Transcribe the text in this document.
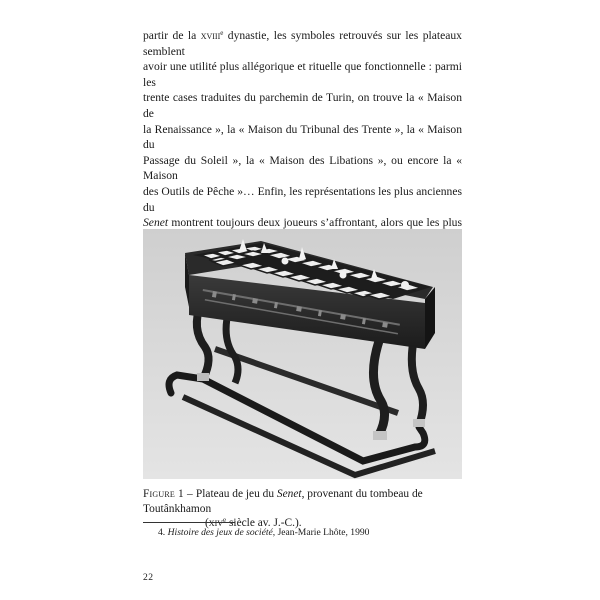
partir de la xviii$^e$ dynastie, les symboles retrouvés sur les plateaux semblent
avoir une utilité plus allégorique et rituelle que fonctionnelle : parmi les
trente cases traduites du parchemin de Turin, on trouve la « Maison de
la Renaissance », la « Maison du Tribunal des Trente », la « Maison du
Passage du Soleil », la « Maison des Libations », ou encore la « Maison
des Outils de Pêche »… Enfin, les représentations les plus anciennes du
Senet montrent toujours deux joueurs s’affrontant, alors que les plus

Figure 1 – Plateau de jeu du Senet, provenant du tombeau de Toutânkhamon
(xiv$^e$ siècle av. J.-C.).

4. Histoire des jeux de société, Jean-Marie Lhôte, 1990

22
